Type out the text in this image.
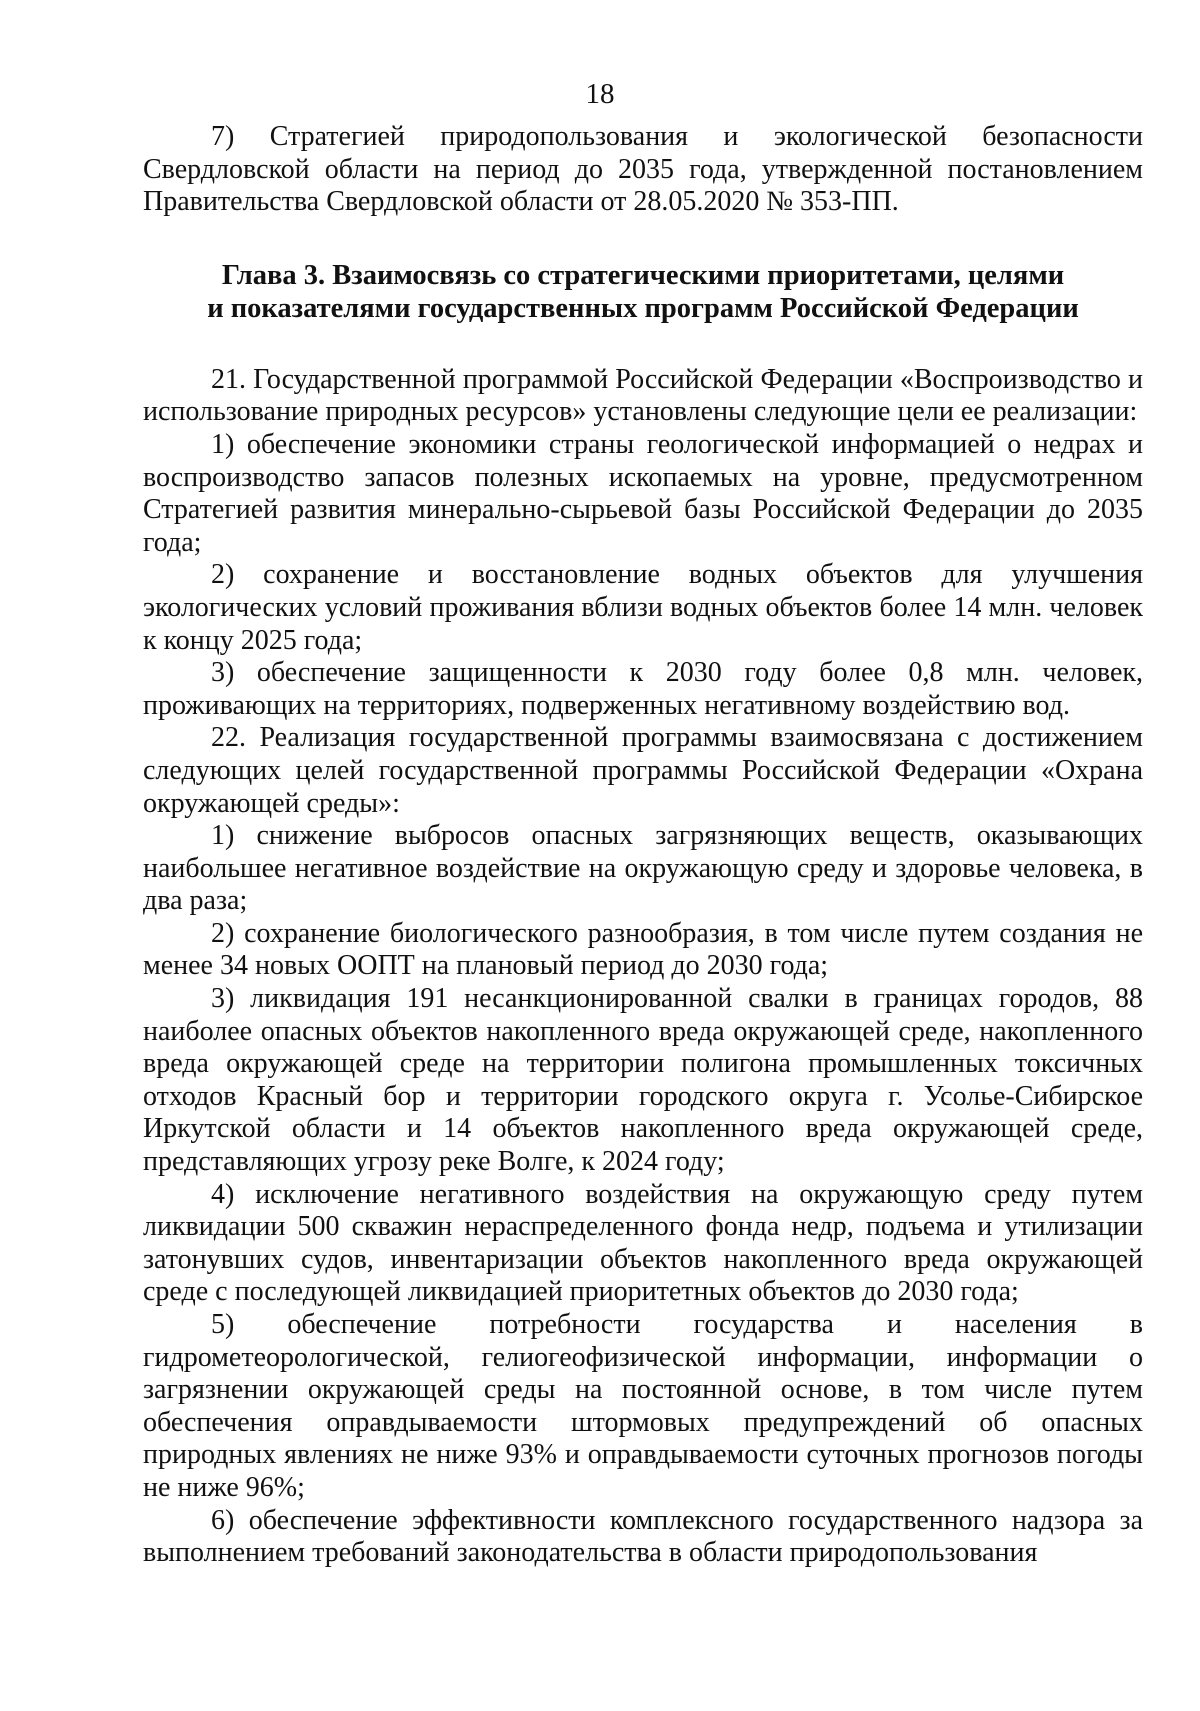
18

7) Стратегией природопользования и экологической безопасности Свердловской области на период до 2035 года, утвержденной постановлением Правительства Свердловской области от 28.05.2020 № 353-ПП.

Глава 3. Взаимосвязь со стратегическими приоритетами, целями
и показателями государственных программ Российской Федерации

21. Государственной программой Российской Федерации «Воспроизводство и использование природных ресурсов» установлены следующие цели ее реализации:

1) обеспечение экономики страны геологической информацией о недрах и воспроизводство запасов полезных ископаемых на уровне, предусмотренном Стратегией развития минерально-сырьевой базы Российской Федерации до 2035 года;

2) сохранение и восстановление водных объектов для улучшения экологических условий проживания вблизи водных объектов более 14 млн. человек к концу 2025 года;

3) обеспечение защищенности к 2030 году более 0,8 млн. человек, проживающих на территориях, подверженных негативному воздействию вод.

22. Реализация государственной программы взаимосвязана с достижением следующих целей государственной программы Российской Федерации «Охрана окружающей среды»:

1) снижение выбросов опасных загрязняющих веществ, оказывающих наибольшее негативное воздействие на окружающую среду и здоровье человека, в два раза;

2) сохранение биологического разнообразия, в том числе путем создания не менее 34 новых ООПТ на плановый период до 2030 года;

3) ликвидация 191 несанкционированной свалки в границах городов, 88 наиболее опасных объектов накопленного вреда окружающей среде, накопленного вреда окружающей среде на территории полигона промышленных токсичных отходов Красный бор и территории городского округа г. Усолье-Сибирское Иркутской области и 14 объектов накопленного вреда окружающей среде, представляющих угрозу реке Волге, к 2024 году;

4) исключение негативного воздействия на окружающую среду путем ликвидации 500 скважин нераспределенного фонда недр, подъема и утилизации затонувших судов, инвентаризации объектов накопленного вреда окружающей среде с последующей ликвидацией приоритетных объектов до 2030 года;

5) обеспечение потребности государства и населения в гидрометеорологической, гелиогеофизической информации, информации о загрязнении окружающей среды на постоянной основе, в том числе путем обеспечения оправдываемости штормовых предупреждений об опасных природных явлениях не ниже 93% и оправдываемости суточных прогнозов погоды не ниже 96%;

6) обеспечение эффективности комплексного государственного надзора за выполнением требований законодательства в области природопользования
